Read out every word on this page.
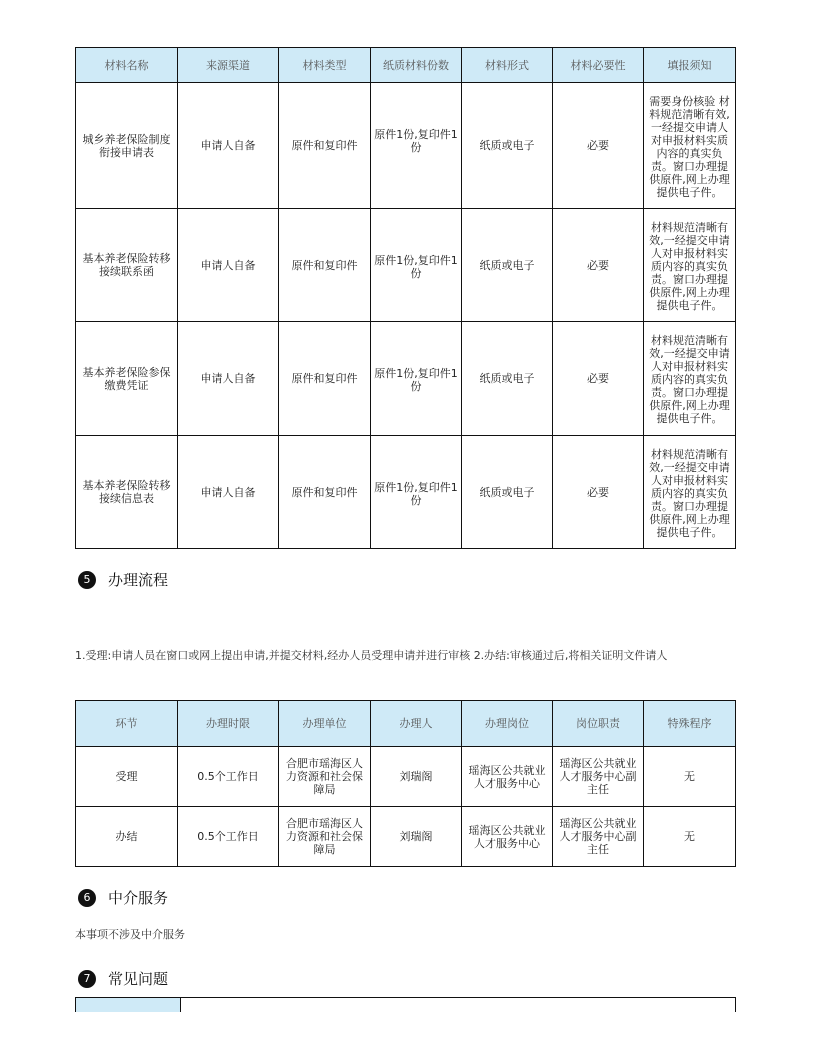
材料名称	来源渠道	材料类型	纸质材料份数	材料形式	材料必要性	填报须知
城乡养老保险制度衔接申请表	申请人自备	原件和复印件	原件1份,复印件1份	纸质或电子	必要	需要身份核验 材料规范清晰有效,一经提交申请人对申报材料实质内容的真实负责。窗口办理提供原件,网上办理提供电子件。
基本养老保险转移接续联系函	申请人自备	原件和复印件	原件1份,复印件1份	纸质或电子	必要	材料规范清晰有效,一经提交申请人对申报材料实质内容的真实负责。窗口办理提供原件,网上办理提供电子件。
基本养老保险参保缴费凭证	申请人自备	原件和复印件	原件1份,复印件1份	纸质或电子	必要	材料规范清晰有效,一经提交申请人对申报材料实质内容的真实负责。窗口办理提供原件,网上办理提供电子件。
基本养老保险转移接续信息表	申请人自备	原件和复印件	原件1份,复印件1份	纸质或电子	必要	材料规范清晰有效,一经提交申请人对申报材料实质内容的真实负责。窗口办理提供原件,网上办理提供电子件。
5	办理流程
1.受理:申请人员在窗口或网上提出申请,并提交材料,经办人员受理申请并进行审核 2.办结:审核通过后,将相关证明文件请人
环节	办理时限	办理单位	办理人	办理岗位	岗位职责	特殊程序
受理	0.5个工作日	合肥市瑶海区人力资源和社会保障局	刘瑞阁	瑶海区公共就业人才服务中心	瑶海区公共就业人才服务中心副主任	无
办结	0.5个工作日	合肥市瑶海区人力资源和社会保障局	刘瑞阁	瑶海区公共就业人才服务中心	瑶海区公共就业人才服务中心副主任	无
6	中介服务
本事项不涉及中介服务
7	常见问题
